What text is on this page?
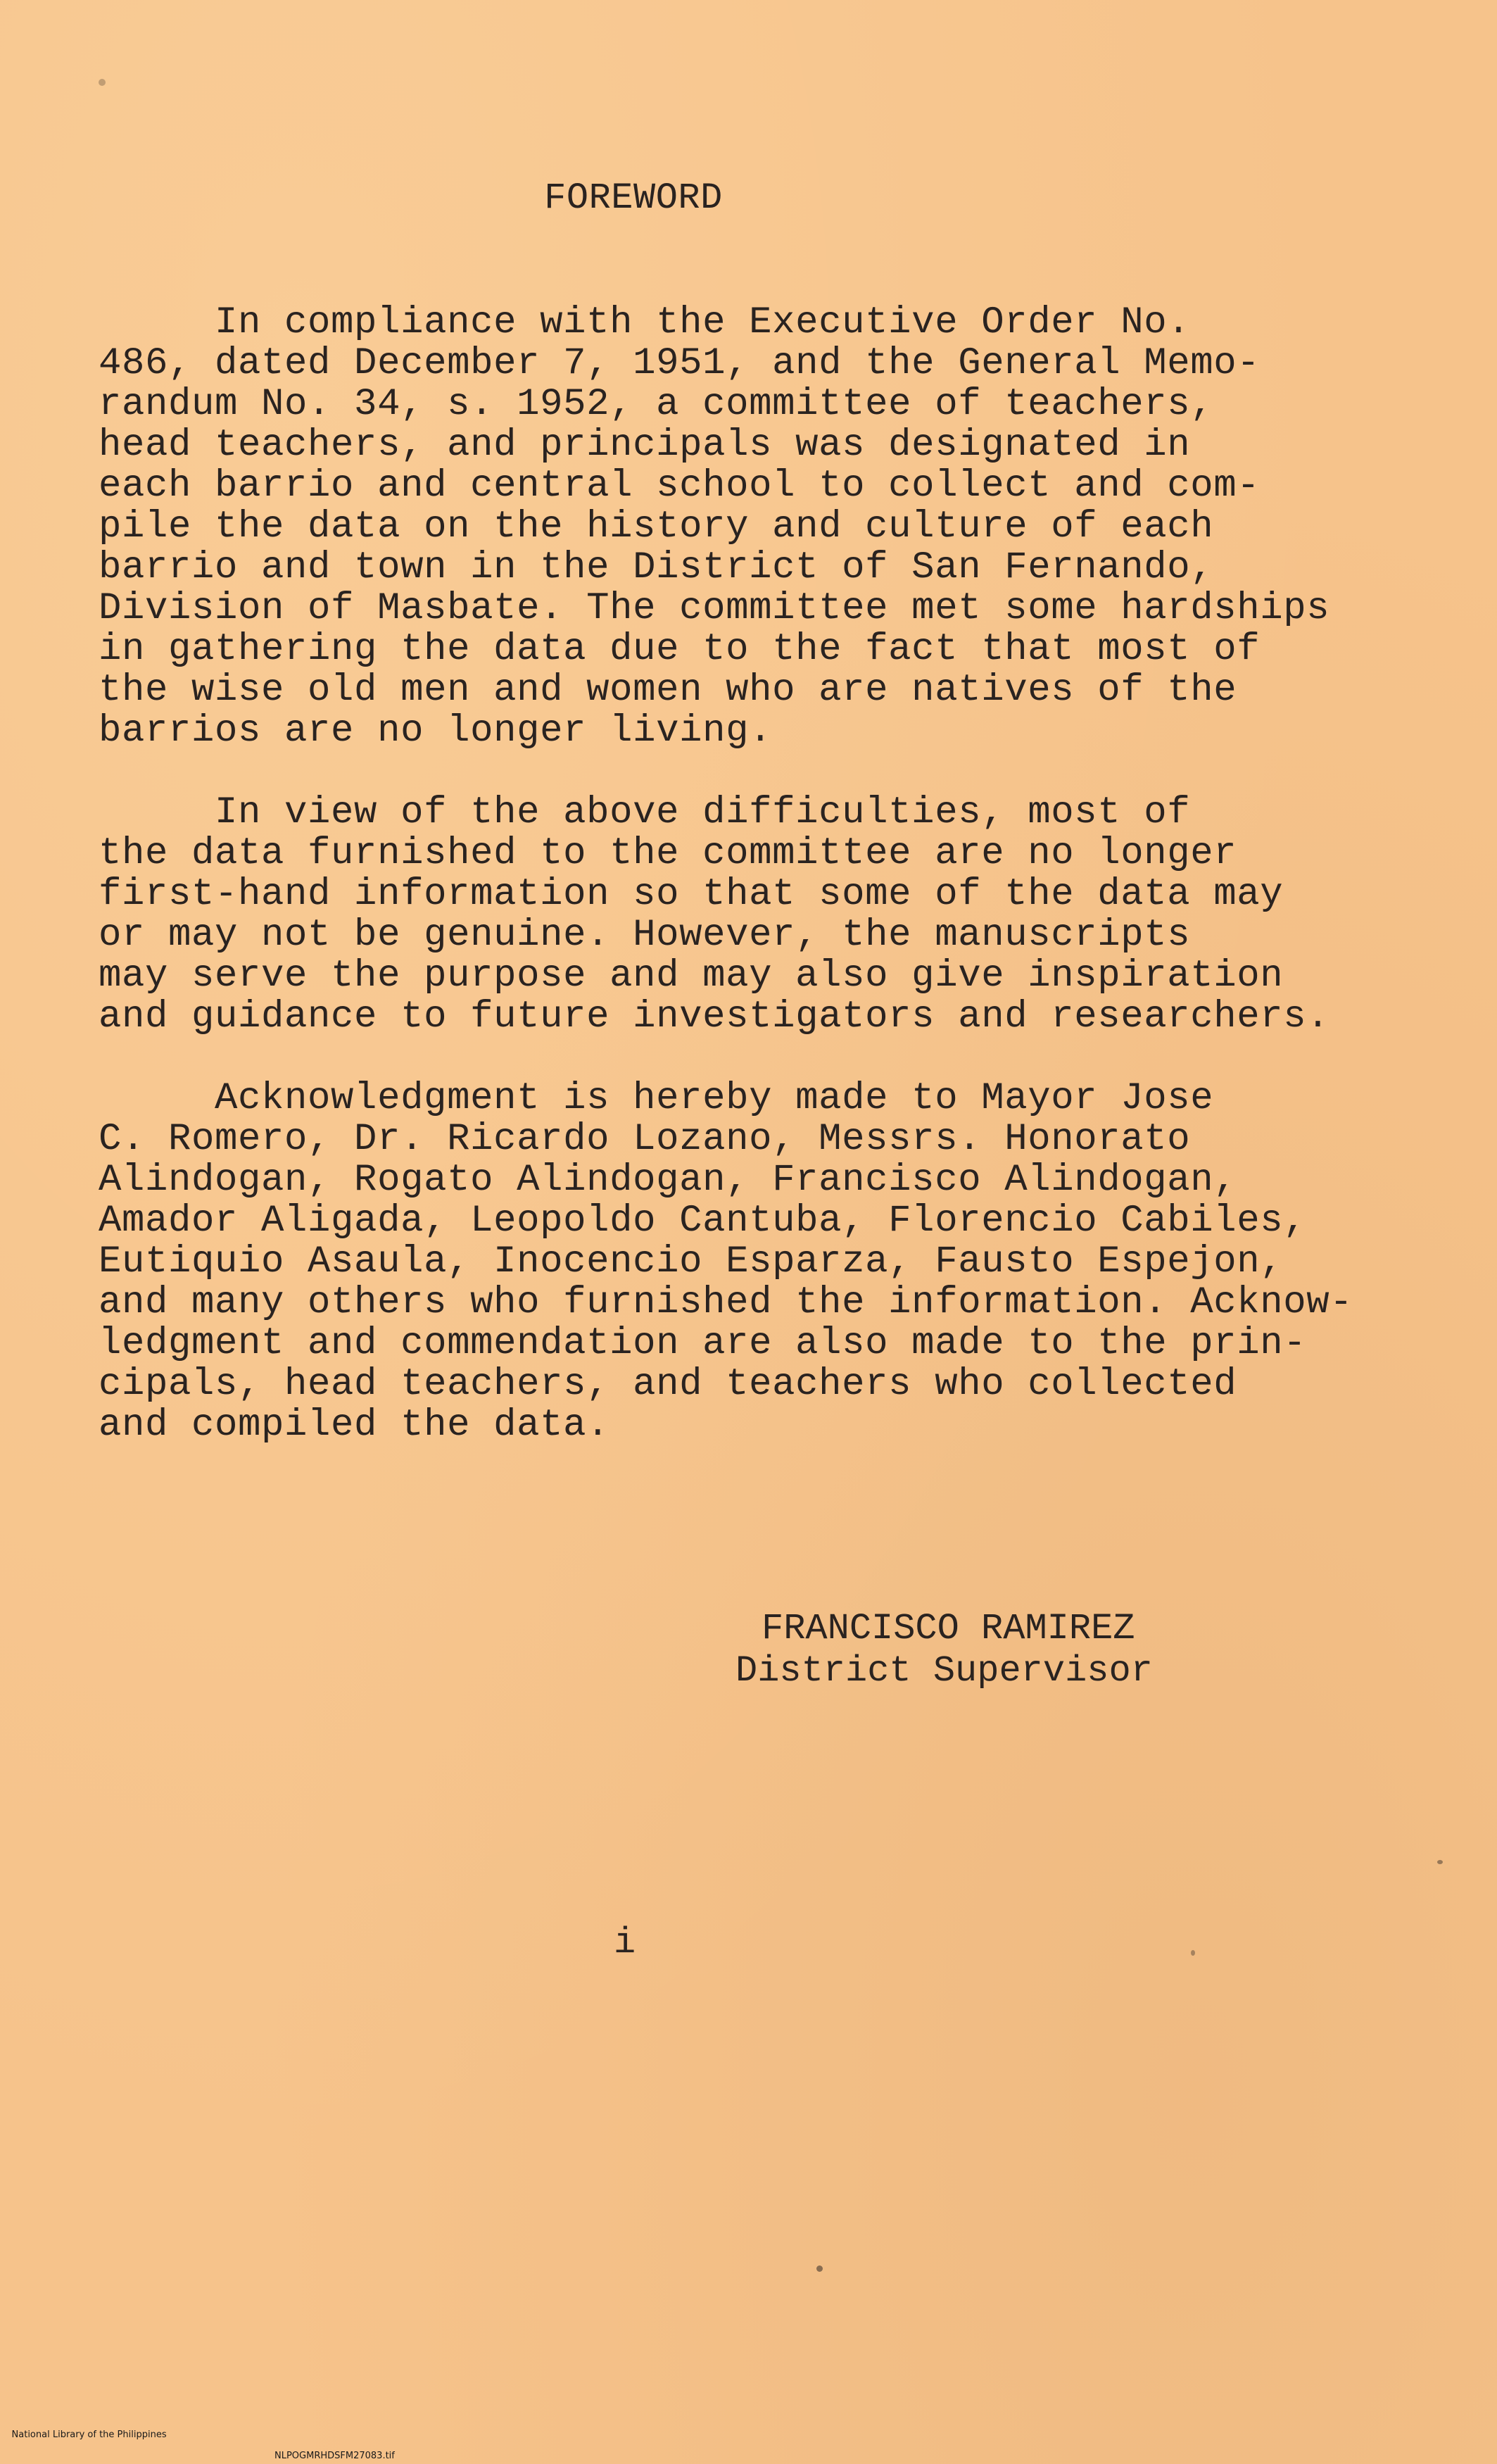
FOREWORD
In compliance with the Executive Order No.
486, dated December 7, 1951, and the General Memo-
randum No. 34, s. 1952, a committee of teachers,
head teachers, and principals was designated in
each barrio and central school to collect and com-
pile the data on the history and culture of each
barrio and town in the District of San Fernando,
Division of Masbate. The committee met some hardships
in gathering the data due to the fact that most of
the wise old men and women who are natives of the
barrios are no longer living.
In view of the above difficulties, most of
the data furnished to the committee are no longer
first-hand information so that some of the data may
or may not be genuine. However, the manuscripts
may serve the purpose and may also give inspiration
and guidance to future investigators and researchers.
Acknowledgment is hereby made to Mayor Jose
C. Romero, Dr. Ricardo Lozano, Messrs. Honorato
Alindogan, Rogato Alindogan, Francisco Alindogan,
Amador Aligada, Leopoldo Cantuba, Florencio Cabiles,
Eutiquio Asaula, Inocencio Esparza, Fausto Espejon,
and many others who furnished the information. Acknow-
ledgment and commendation are also made to the prin-
cipals, head teachers, and teachers who collected
and compiled the data.
FRANCISCO RAMIREZ
District Supervisor
i

National Library of the Philippines

NLPOGMRHDSFM27083.tif
